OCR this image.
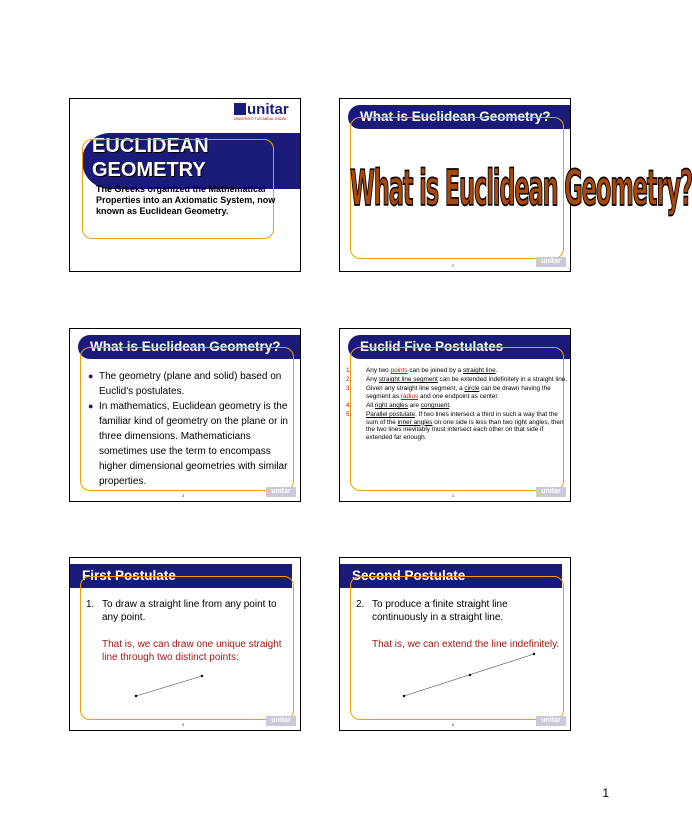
unitar
UNIVERSITI TUN ABDUL RAZAK
EUCLIDEAN
GEOMETRY
The Greeks organized the Mathematical Properties into an Axiomatic System, now known as Euclidean Geometry.
What is Euclidean Geometry?
What is Euclidean Geometry?
2
unitar
What is Euclidean Geometry?

● The geometry (plane and solid) based on Euclid's postulates.

● In mathematics, Euclidean geometry is the familiar kind of geometry on the plane or in three dimensions. Mathematicians sometimes use the term to encompass higher dimensional geometries with similar properties.

3
unitar
Euclid Five Postulates
1. Any two points can be joined by a straight line.
2. Any straight line segment can be extended indefinitely in a straight line.
3. Given any straight line segment, a circle can be drawn having the segment as radius and one endpoint as center.
4. All right angles are congruent.
5. Parallel postulate. If two lines intersect a third in such a way that the sum of the inner angles on one side is less than two right angles, then the two lines inevitably must intersect each other on that side if extended far enough.
4
unitar
First Postulate
1. To draw a straight line from any point to any point.
That is, we can draw one unique straight line through two distinct points:
5
unitar
Second Postulate
2. To produce a finite straight line continuously in a straight line.
That is, we can extend the line indefinitely.
6
unitar
1
